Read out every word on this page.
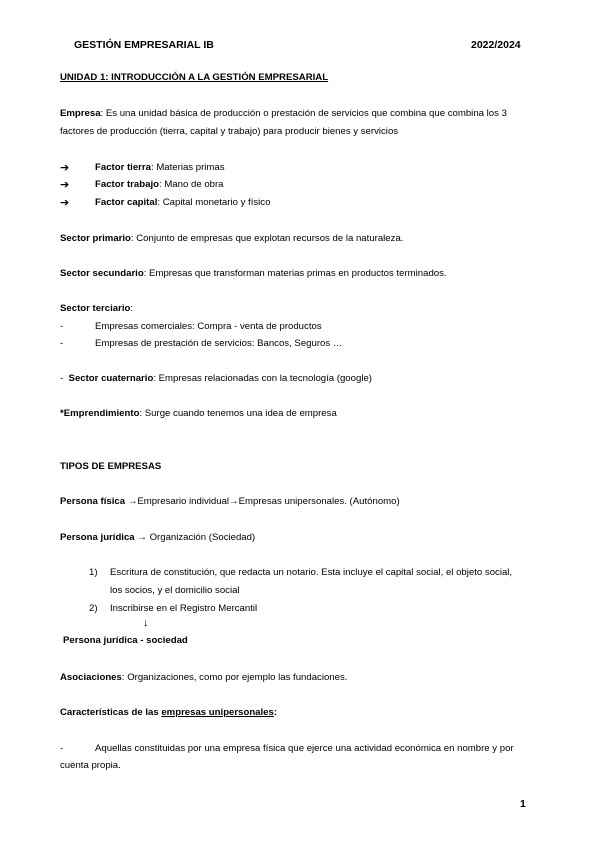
GESTIÓN EMPRESARIAL IB	2022/2024
UNIDAD 1: INTRODUCCIÓN A LA GESTIÓN EMPRESARIAL
Empresa: Es una unidad básica de producción o prestación de servicios que combina que combina los 3
factores de producción (tierra, capital y trabajo) para producir bienes y servicios
➔	Factor tierra: Materias primas
➔	Factor trabajo: Mano de obra
➔	Factor capital: Capital monetario y físico
Sector primario: Conjunto de empresas que explotan recursos de la naturaleza.
Sector secundario: Empresas que transforman materias primas en productos terminados.
Sector terciario:
-	Empresas comerciales: Compra - venta de productos
-	Empresas de prestación de servicios: Bancos, Seguros …
- Sector cuaternario: Empresas relacionadas con la tecnología (google)
*Emprendimiento: Surge cuando tenemos una idea de empresa
TIPOS DE EMPRESAS
Persona física →Empresario individual→Empresas unipersonales. (Autónomo)
Persona jurídica → Organización (Sociedad)
1) Escritura de constitución, que redacta un notario. Esta incluye el capital social, el objeto social,
los socios, y el domicilio social
2) Inscribirse en el Registro Mercantil
↓
Persona jurídica - sociedad
Asociaciones: Organizaciones, como por ejemplo las fundaciones.
Características de las empresas unipersonales:
-	Aquellas constituidas por una empresa física que ejerce una actividad económica en nombre y por
cuenta propia.
1
